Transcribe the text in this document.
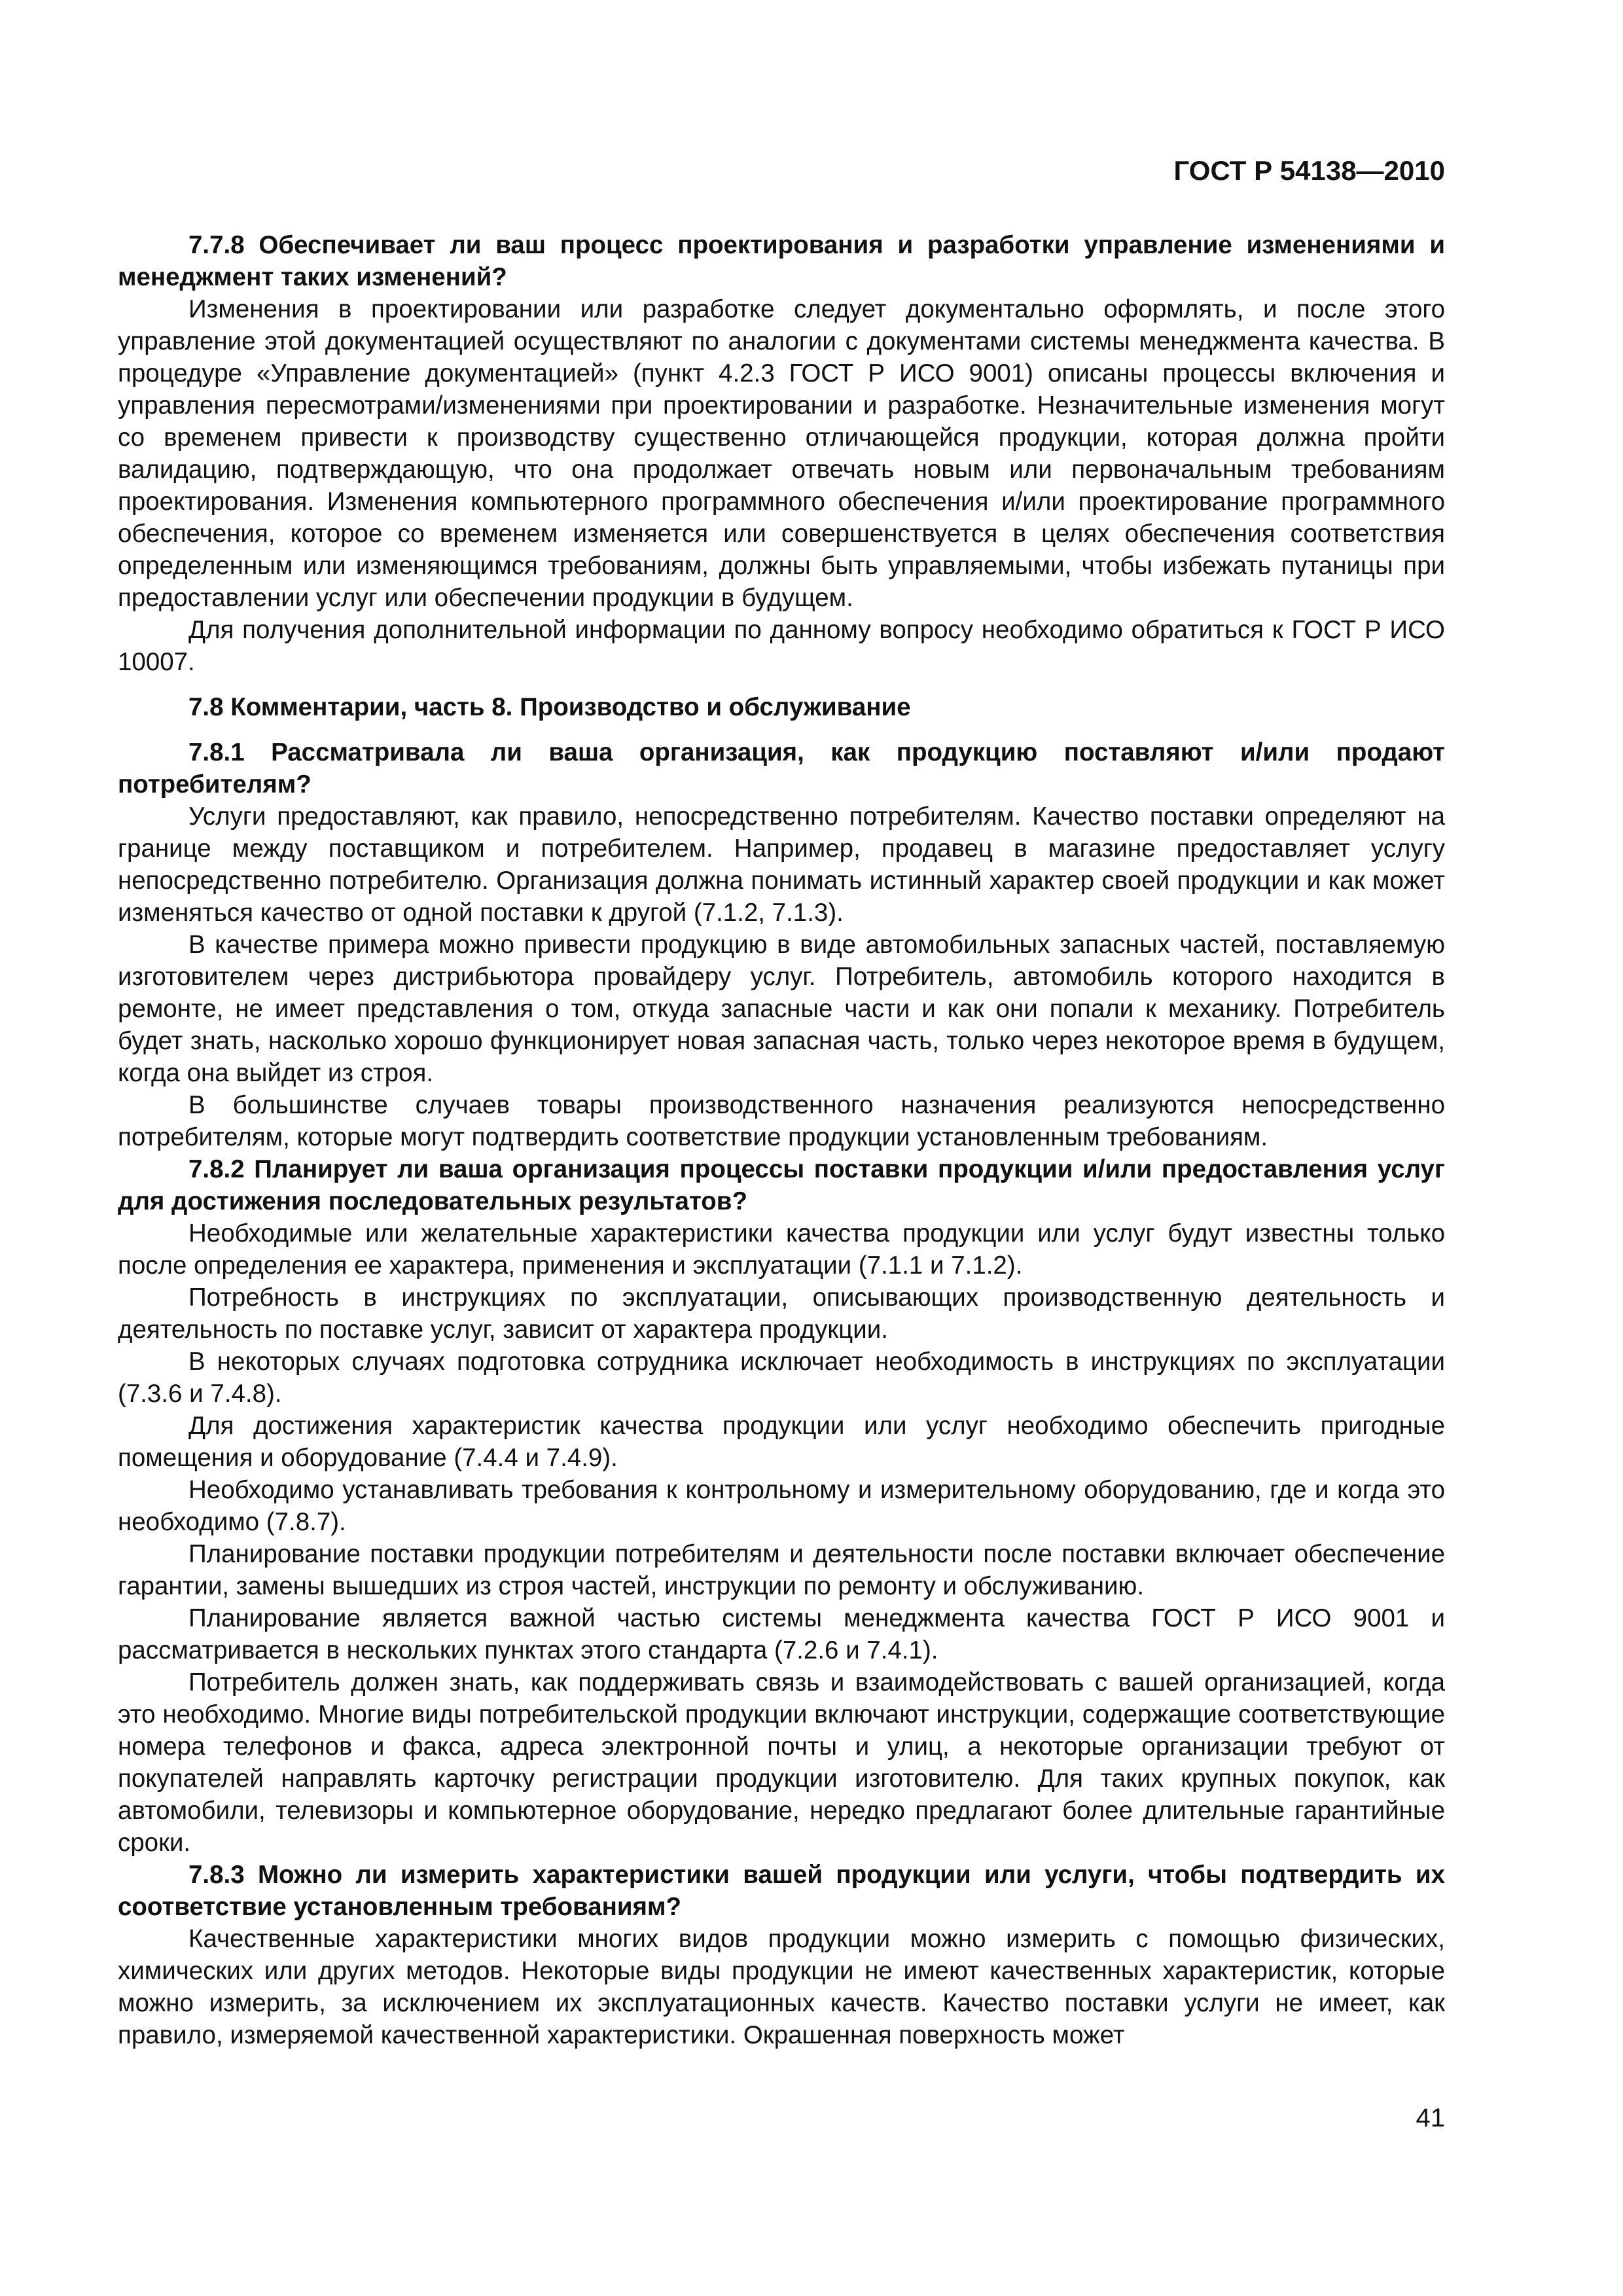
ГОСТ Р 54138—2010

7.7.8 Обеспечивает ли ваш процесс проектирования и разработки управление изменениями и менеджмент таких изменений?

Изменения в проектировании или разработке следует документально оформлять, и после этого управление этой документацией осуществляют по аналогии с документами системы менеджмента качества. В процедуре «Управление документацией» (пункт 4.2.3 ГОСТ Р ИСО 9001) описаны процессы включения и управления пересмотрами/изменениями при проектировании и разработке. Незначительные изменения могут со временем привести к производству существенно отличающейся продукции, которая должна пройти валидацию, подтверждающую, что она продолжает отвечать новым или первоначальным требованиям проектирования. Изменения компьютерного программного обеспечения и/или проектирование программного обеспечения, которое со временем изменяется или совершенствуется в целях обеспечения соответствия определенным или изменяющимся требованиям, должны быть управляемыми, чтобы избежать путаницы при предоставлении услуг или обеспечении продукции в будущем.

Для получения дополнительной информации по данному вопросу необходимо обратиться к ГОСТ Р ИСО 10007.

7.8 Комментарии, часть 8. Производство и обслуживание

7.8.1 Рассматривала ли ваша организация, как продукцию поставляют и/или продают потребителям?

Услуги предоставляют, как правило, непосредственно потребителям. Качество поставки определяют на границе между поставщиком и потребителем. Например, продавец в магазине предоставляет услугу непосредственно потребителю. Организация должна понимать истинный характер своей продукции и как может изменяться качество от одной поставки к другой (7.1.2, 7.1.3).

В качестве примера можно привести продукцию в виде автомобильных запасных частей, поставляемую изготовителем через дистрибьютора провайдеру услуг. Потребитель, автомобиль которого находится в ремонте, не имеет представления о том, откуда запасные части и как они попали к механику. Потребитель будет знать, насколько хорошо функционирует новая запасная часть, только через некоторое время в будущем, когда она выйдет из строя.

В большинстве случаев товары производственного назначения реализуются непосредственно потребителям, которые могут подтвердить соответствие продукции установленным требованиям.

7.8.2 Планирует ли ваша организация процессы поставки продукции и/или предоставления услуг для достижения последовательных результатов?

Необходимые или желательные характеристики качества продукции или услуг будут известны только после определения ее характера, применения и эксплуатации (7.1.1 и 7.1.2).

Потребность в инструкциях по эксплуатации, описывающих производственную деятельность и деятельность по поставке услуг, зависит от характера продукции.

В некоторых случаях подготовка сотрудника исключает необходимость в инструкциях по эксплуатации (7.3.6 и 7.4.8).

Для достижения характеристик качества продукции или услуг необходимо обеспечить пригодные помещения и оборудование (7.4.4 и 7.4.9).

Необходимо устанавливать требования к контрольному и измерительному оборудованию, где и когда это необходимо (7.8.7).

Планирование поставки продукции потребителям и деятельности после поставки включает обеспечение гарантии, замены вышедших из строя частей, инструкции по ремонту и обслуживанию.

Планирование является важной частью системы менеджмента качества ГОСТ Р ИСО 9001 и рассматривается в нескольких пунктах этого стандарта (7.2.6 и 7.4.1).

Потребитель должен знать, как поддерживать связь и взаимодействовать с вашей организацией, когда это необходимо. Многие виды потребительской продукции включают инструкции, содержащие соответствующие номера телефонов и факса, адреса электронной почты и улиц, а некоторые организации требуют от покупателей направлять карточку регистрации продукции изготовителю. Для таких крупных покупок, как автомобили, телевизоры и компьютерное оборудование, нередко предлагают более длительные гарантийные сроки.

7.8.3 Можно ли измерить характеристики вашей продукции или услуги, чтобы подтвердить их соответствие установленным требованиям?

Качественные характеристики многих видов продукции можно измерить с помощью физических, химических или других методов. Некоторые виды продукции не имеют качественных характеристик, которые можно измерить, за исключением их эксплуатационных качеств. Качество поставки услуги не имеет, как правило, измеряемой качественной характеристики. Окрашенная поверхность может

41
